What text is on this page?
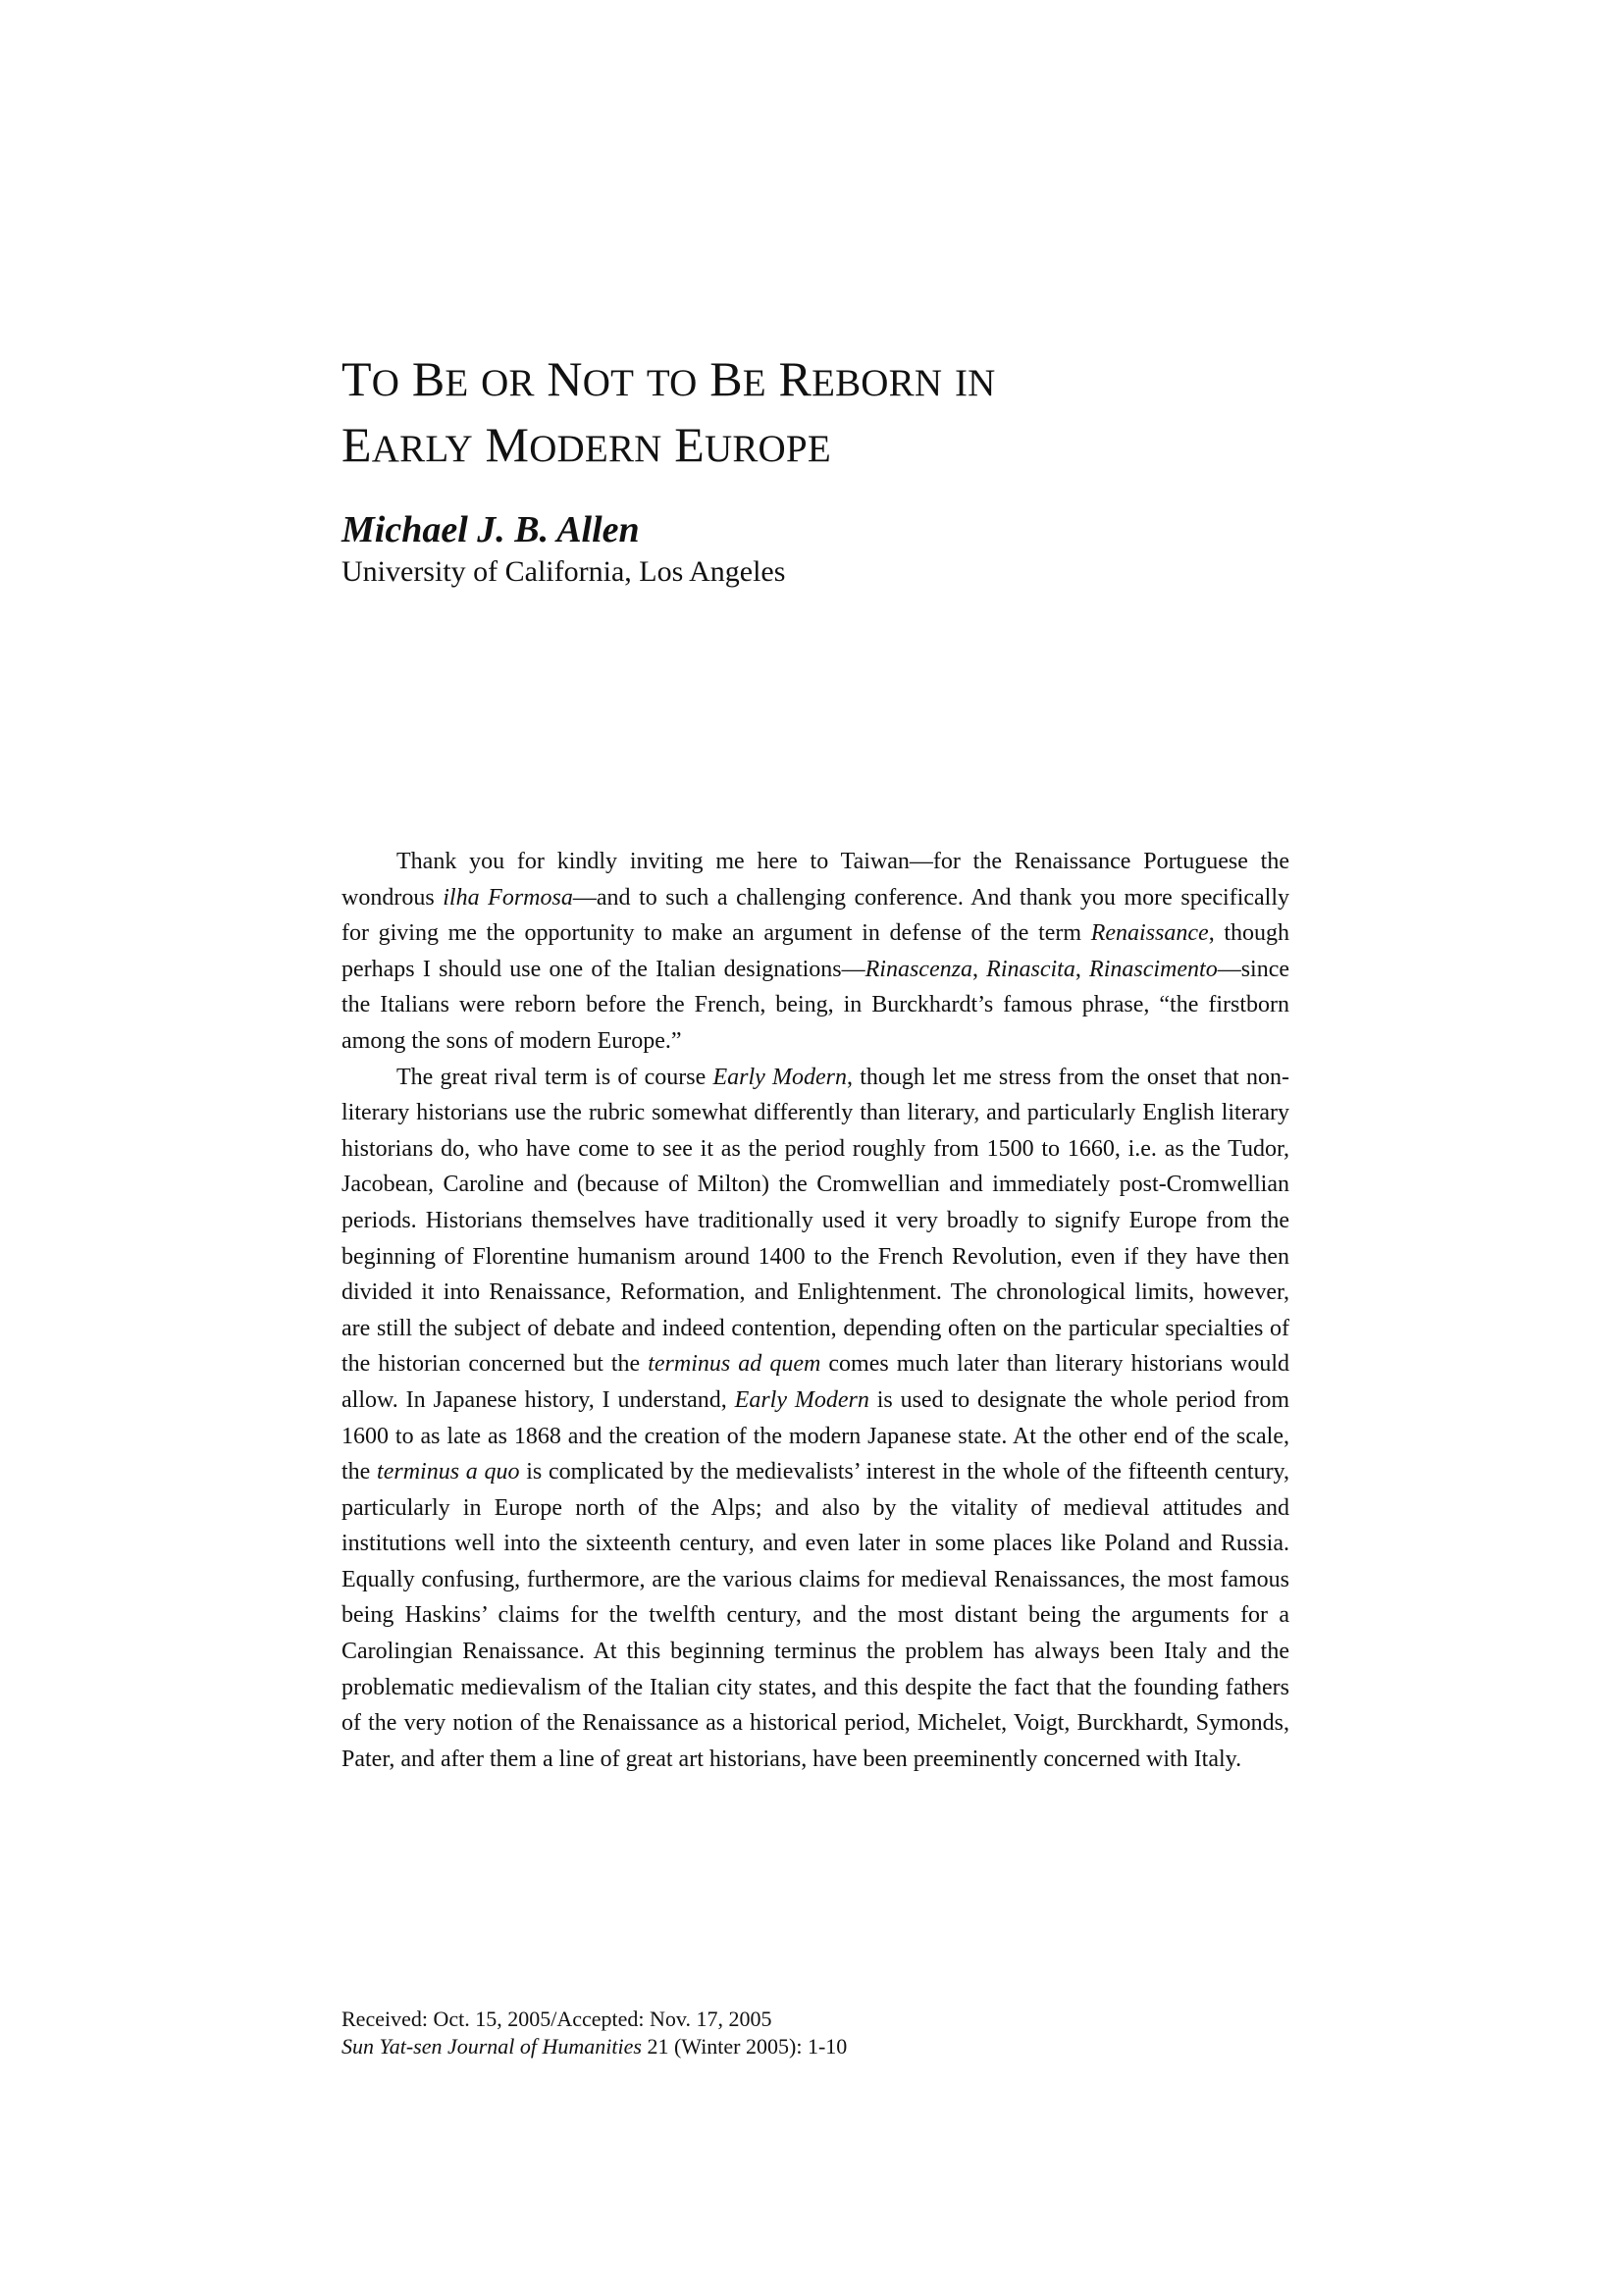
TO BE OR NOT TO BE REBORN IN
EARLY MODERN EUROPE
Michael J. B. Allen
University of California, Los Angeles

Thank you for kindly inviting me here to Taiwan—for the Renaissance Portuguese the wondrous ilha Formosa—and to such a challenging conference. And thank you more specifically for giving me the opportunity to make an argument in defense of the term Renaissance, though perhaps I should use one of the Italian designations—Rinascenza, Rinascita, Rinascimento—since the Italians were reborn before the French, being, in Burckhardt’s famous phrase, “the firstborn among the sons of modern Europe.”

The great rival term is of course Early Modern, though let me stress from the onset that non-literary historians use the rubric somewhat differently than literary, and particularly English literary historians do, who have come to see it as the period roughly from 1500 to 1660, i.e. as the Tudor, Jacobean, Caroline and (because of Milton) the Cromwellian and immediately post-Cromwellian periods. Historians themselves have traditionally used it very broadly to signify Europe from the beginning of Florentine humanism around 1400 to the French Revolution, even if they have then divided it into Renaissance, Reformation, and Enlightenment. The chronological limits, however, are still the subject of debate and indeed contention, depending often on the particular specialties of the historian concerned but the terminus ad quem comes much later than literary historians would allow. In Japanese history, I understand, Early Modern is used to designate the whole period from 1600 to as late as 1868 and the creation of the modern Japanese state. At the other end of the scale, the terminus a quo is complicated by the medievalists’ interest in the whole of the fifteenth century, particularly in Europe north of the Alps; and also by the vitality of medieval attitudes and institutions well into the sixteenth century, and even later in some places like Poland and Russia. Equally confusing, furthermore, are the various claims for medieval Renaissances, the most famous being Haskins’ claims for the twelfth century, and the most distant being the arguments for a Carolingian Renaissance. At this beginning terminus the problem has always been Italy and the problematic medievalism of the Italian city states, and this despite the fact that the founding fathers of the very notion of the Renaissance as a historical period, Michelet, Voigt, Burckhardt, Symonds, Pater, and after them a line of great art historians, have been preeminently concerned with Italy.

Received: Oct. 15, 2005/Accepted: Nov. 17, 2005
Sun Yat-sen Journal of Humanities 21 (Winter 2005): 1-10
